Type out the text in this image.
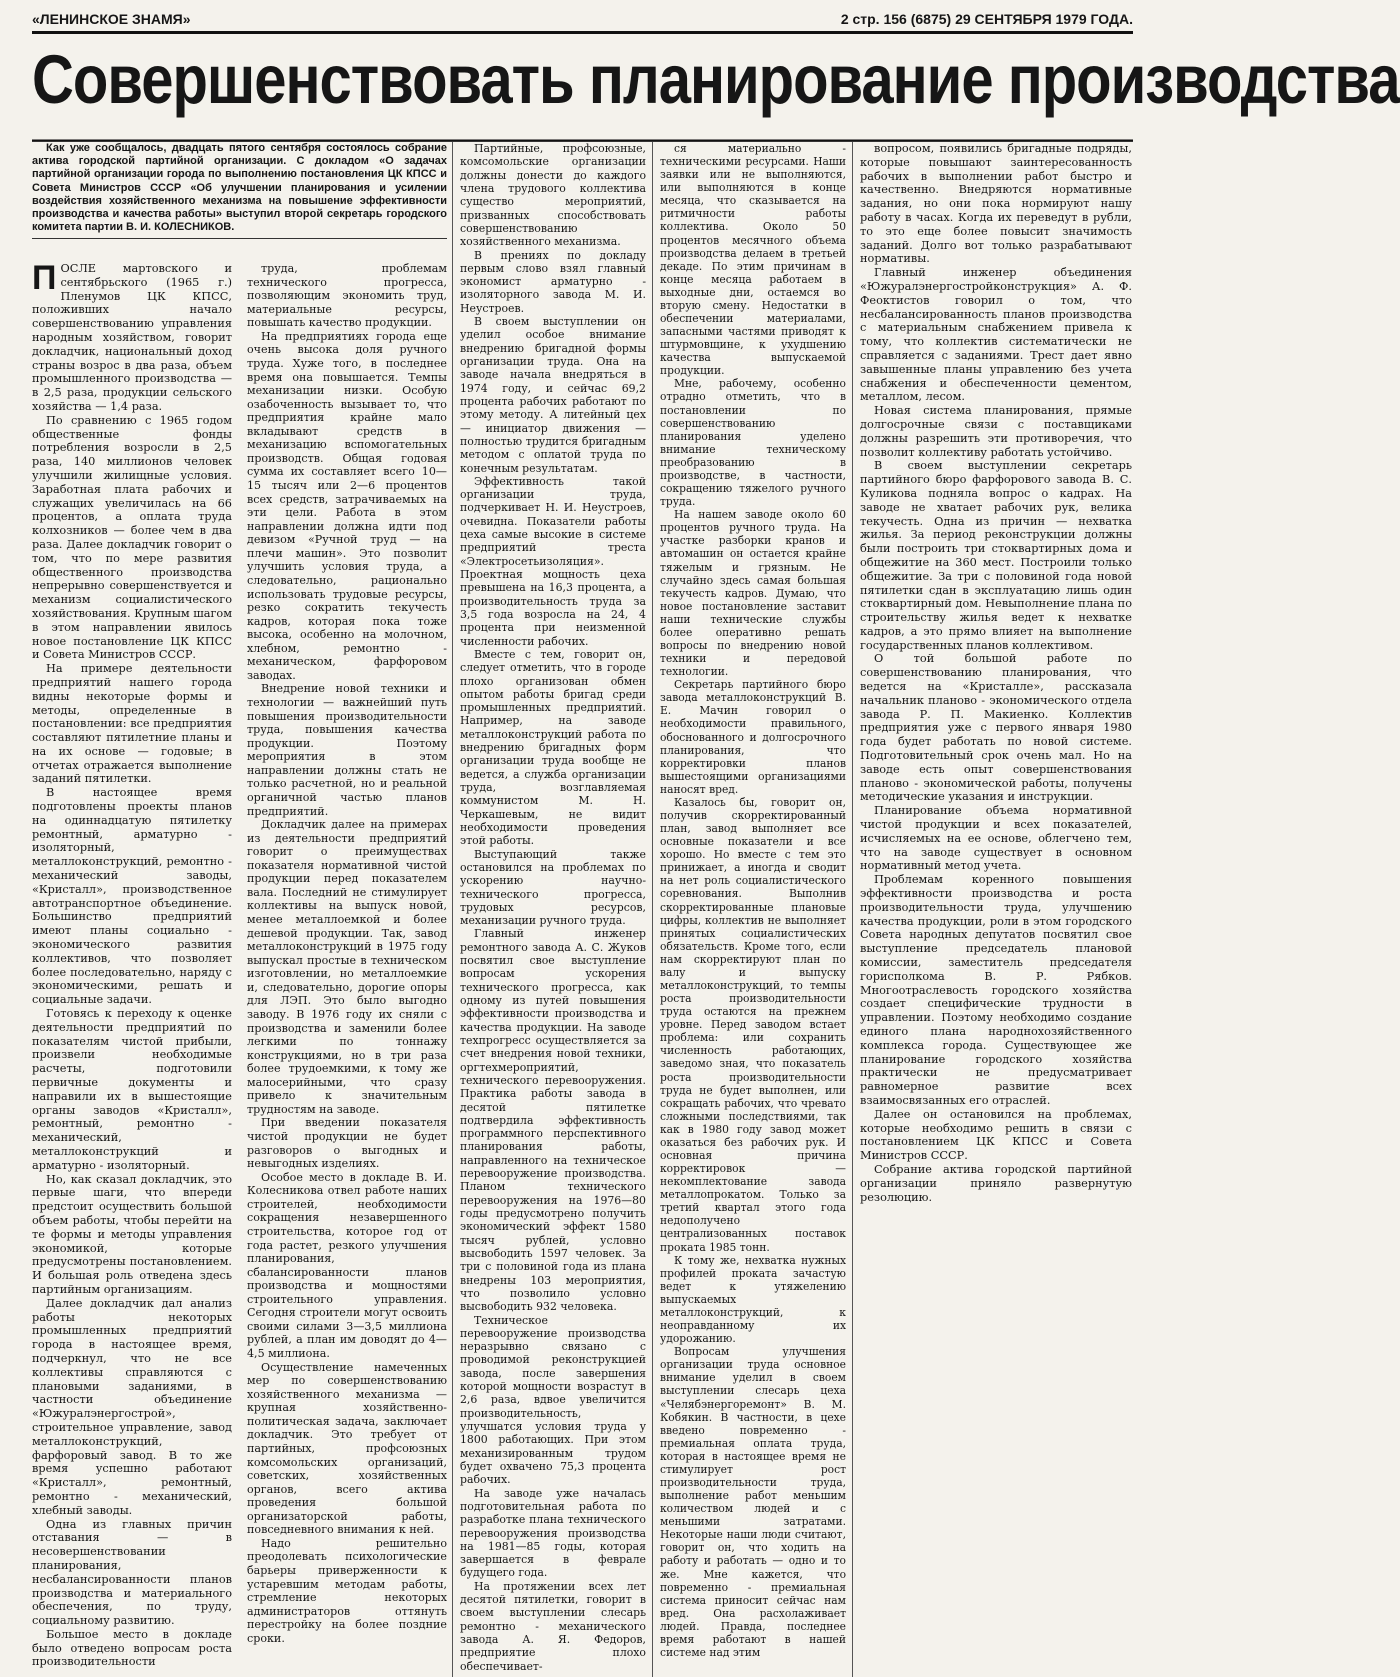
«ЛЕНИНСКОЕ ЗНАМЯ»	2 стр. 156 (6875) 29 СЕНТЯБРЯ 1979 ГОДА.
Совершенствовать планирование производства

Как уже сообщалось, двадцать пятого сентября состоялось собрание актива городской партийной организации. С докладом «О задачах партийной организации города по выполнению постановления ЦК КПСС и Совета Министров СССР «Об улучшении планирования и усилении воздействия хозяйственного механизма на повышение эффективности производства и качества работы» выступил второй секретарь городского комитета партии В. И. КОЛЕСНИКОВ.

ПОСЛЕ мартовского и сентябрьского (1965 г.) Пленумов ЦК КПСС, положивших начало совершенствованию управления народным хозяйством, говорит докладчик, национальный доход страны возрос в два раза, объем промышленного производства — в 2,5 раза, продукции сельского хозяйства — 1,4 раза.

По сравнению с 1965 годом общественные фонды потребления возросли в 2,5 раза, 140 миллионов человек улучшили жилищные условия. Заработная плата рабочих и служащих увеличилась на 66 процентов, а оплата труда колхозников — более чем в два раза. Далее докладчик говорит о том, что по мере развития общественного производства непрерывно совершенствуется и механизм социалистического хозяйствования. Крупным шагом в этом направлении явилось новое постановление ЦК КПСС и Совета Министров СССР.

На примере деятельности предприятий нашего города видны некоторые формы и методы, определенные в постановлении: все предприятия составляют пятилетние планы и на их основе — годовые; в отчетах отражается выполнение заданий пятилетки.

В настоящее время подготовлены проекты планов на одиннадцатую пятилетку ремонтный, арматурно - изоляторный, металлоконструкций, ремонтно - механический заводы, «Кристалл», производственное автотранспортное объединение. Большинство предприятий имеют планы социально - экономического развития коллективов, что позволяет более последовательно, наряду с экономическими, решать и социальные задачи.

Готовясь к переходу к оценке деятельности предприятий по показателям чистой прибыли, произвели необходимые расчеты, подготовили первичные документы и направили их в вышестоящие органы заводов «Кристалл», ремонтный, ремонтно - механический, металлоконструкций и арматурно - изоляторный.

Но, как сказал докладчик, это первые шаги, что впереди предстоит осуществить большой объем работы, чтобы перейти на те формы и методы управления экономикой, которые предусмотрены постановлением. И большая роль отведена здесь партийным организациям.

Далее докладчик дал анализ работы некоторых промышленных предприятий города в настоящее время, подчеркнул, что не все коллективы справляются с плановыми заданиями, в частности объединение «Южуралэнергострой», строительное управление, завод металлоконструкций, фарфоровый завод. В то же время успешно работают «Кристалл», ремонтный, ремонтно - механический, хлебный заводы.

Одна из главных причин отставания — в несовершенствовании планирования, несбалансированности планов производства и материального обеспечения, по труду, социальному развитию.

Большое место в докладе было отведено вопросам роста производительности

труда, проблемам технического прогресса, позволяющим экономить труд, материальные ресурсы, повышать качество продукции.

На предприятиях города еще очень высока доля ручного труда. Хуже того, в последнее время она повышается. Темпы механизации низки. Особую озабоченность вызывает то, что предприятия крайне мало вкладывают средств в механизацию вспомогательных производств. Общая годовая сумма их составляет всего 10—15 тысяч или 2—6 процентов всех средств, затрачиваемых на эти цели. Работа в этом направлении должна идти под девизом «Ручной труд — на плечи машин». Это позволит улучшить условия труда, а следовательно, рационально использовать трудовые ресурсы, резко сократить текучесть кадров, которая пока тоже высока, особенно на молочном, хлебном, ремонтно - механическом, фарфоровом заводах.

Внедрение новой техники и технологии — важнейший путь повышения производительности труда, повышения качества продукции. Поэтому мероприятия в этом направлении должны стать не только расчетной, но и реальной органичной частью планов предприятий.

Докладчик далее на примерах из деятельности предприятий говорит о преимуществах показателя нормативной чистой продукции перед показателем вала. Последний не стимулирует коллективы на выпуск новой, менее металлоемкой и более дешевой продукции. Так, завод металлоконструкций в 1975 году выпускал простые в техническом изготовлении, но металлоемкие и, следовательно, дорогие опоры для ЛЭП. Это было выгодно заводу. В 1976 году их сняли с производства и заменили более легкими по тоннажу конструкциями, но в три раза более трудоемкими, к тому же малосерийными, что сразу привело к значительным трудностям на заводе.

При введении показателя чистой продукции не будет разговоров о выгодных и невыгодных изделиях.

Особое место в докладе В. И. Колесникова отвел работе наших строителей, необходимости сокращения незавершенного строительства, которое год от года растет, резкого улучшения планирования, сбалансированности планов производства и мощностями строительного управления. Сегодня строители могут освоить своими силами 3—3,5 миллиона рублей, а план им доводят до 4—4,5 миллиона.

Осуществление намеченных мер по совершенствованию хозяйственного механизма — крупная хозяйственно-политическая задача, заключает докладчик. Это требует от партийных, профсоюзных комсомольских организаций, советских, хозяйственных органов, всего актива проведения большой организаторской работы, повседневного внимания к ней.

Надо решительно преодолевать психологические барьеры приверженности к устаревшим методам работы, стремление некоторых администраторов оттянуть перестройку на более поздние сроки.

Партийные, профсоюзные, комсомольские организации должны донести до каждого члена трудового коллектива существо мероприятий, призванных способствовать совершенствованию хозяйственного механизма.

В прениях по докладу первым слово взял главный экономист арматурно - изоляторного завода М. И. Неустроев.

В своем выступлении он уделил особое внимание внедрению бригадной формы организации труда. Она на заводе начала внедряться в 1974 году, и сейчас 69,2 процента рабочих работают по этому методу. А литейный цех — инициатор движения — полностью трудится бригадным методом с оплатой труда по конечным результатам.

Эффективность такой организации труда, подчеркивает Н. И. Неустроев, очевидна. Показатели работы цеха самые высокие в системе предприятий треста «Электросетьизоляция». Проектная мощность цеха превышена на 16,3 процента, а производительность труда за 3,5 года возросла на 24, 4 процента при неизменной численности рабочих.

Вместе с тем, говорит он, следует отметить, что в городе плохо организован обмен опытом работы бригад среди промышленных предприятий. Например, на заводе металлоконструкций работа по внедрению бригадных форм организации труда вообще не ведется, а служба организации труда, возглавляемая коммунистом М. Н. Черкашевым, не видит необходимости проведения этой работы.

Выступающий также остановился на проблемах по ускорению научно-технического прогресса, трудовых ресурсов, механизации ручного труда.

Главный инженер ремонтного завода А. С. Жуков посвятил свое выступление вопросам ускорения технического прогресса, как одному из путей повышения эффективности производства и качества продукции. На заводе техпрогресс осуществляется за счет внедрения новой техники, оргтехмероприятий, технического перевооружения. Практика работы завода в десятой пятилетке подтвердила эффективность программного перспективного планирования работы, направленного на техническое перевооружение производства. Планом технического перевооружения на 1976—80 годы предусмотрено получить экономический эффект 1580 тысяч рублей, условно высвободить 1597 человек. За три с половиной года из плана внедрены 103 мероприятия, что позволило условно высвободить 932 человека.

Техническое перевооружение производства неразрывно связано с проводимой реконструкцией завода, после завершения которой мощности возрастут в 2,6 раза, вдвое увеличится производительность, улучшатся условия труда у 1800 работающих. При этом механизированным трудом будет охвачено 75,3 процента рабочих.

На заводе уже началась подготовительная работа по разработке плана технического перевооружения производства на 1981—85 годы, которая завершается в феврале будущего года.

На протяжении всех лет десятой пятилетки, говорит в своем выступлении слесарь ремонтно - механического завода А. Я. Федоров, предприятие плохо обеспечивает-

ся материально - техническими ресурсами. Наши заявки или не выполняются, или выполняются в конце месяца, что сказывается на ритмичности работы коллектива. Около 50 процентов месячного объема производства делаем в третьей декаде. По этим причинам в конце месяца работаем в выходные дни, остаемся во вторую смену. Недостатки в обеспечении материалами, запасными частями приводят к штурмовщине, к ухудшению качества выпускаемой продукции.

Мне, рабочему, особенно отрадно отметить, что в постановлении по совершенствованию планирования уделено внимание техническому преобразованию в производстве, в частности, сокращению тяжелого ручного труда.

На нашем заводе около 60 процентов ручного труда. На участке разборки кранов и автомашин он остается крайне тяжелым и грязным. Не случайно здесь самая большая текучесть кадров. Думаю, что новое постановление заставит наши технические службы более оперативно решать вопросы по внедрению новой техники и передовой технологии.

Секретарь партийного бюро завода металлоконструкций В. Е. Мачин говорил о необходимости правильного, обоснованного и долгосрочного планирования, что корректировки планов вышестоящими организациями наносят вред.

Казалось бы, говорит он, получив скорректированный план, завод выполняет все основные показатели и все хорошо. Но вместе с тем это принижает, а иногда и сводит на нет роль социалистического соревнования. Выполнив скорректированные плановые цифры, коллектив не выполняет принятых социалистических обязательств. Кроме того, если нам скорректируют план по валу и выпуску металлоконструкций, то темпы роста производительности труда остаются на прежнем уровне. Перед заводом встает проблема: или сохранить численность работающих, заведомо зная, что показатель роста производительности труда не будет выполнен, или сокращать рабочих, что чревато сложными последствиями, так как в 1980 году завод может оказаться без рабочих рук. И основная причина корректировок — некомплектование завода металлопрокатом. Только за третий квартал этого года недополучено централизованных поставок проката 1985 тонн.

К тому же, нехватка нужных профилей проката зачастую ведет к утяжелению выпускаемых металлоконструкций, к неоправданному их удорожанию.

Вопросам улучшения организации труда основное внимание уделил в своем выступлении слесарь цеха «Челябэнергоремонт» В. М. Кобякин. В частности, в цехе введено повременно - премиальная оплата труда, которая в настоящее время не стимулирует рост производительности труда, выполнение работ меньшим количеством людей и с меньшими затратами. Некоторые наши люди считают, говорит он, что ходить на работу и работать — одно и то же. Мне кажется, что повременно - премиальная система приносит сейчас нам вред. Она расхолаживает людей. Правда, последнее время работают в нашей системе над этим

вопросом, появились бригадные подряды, которые повышают заинтересованность рабочих в выполнении работ быстро и качественно. Внедряются нормативные задания, но они пока нормируют нашу работу в часах. Когда их переведут в рубли, то это еще более повысит значимость заданий. Долго вот только разрабатывают нормативы.

Главный инженер объединения «Южуралэнергостройконструкция» А. Ф. Феоктистов говорил о том, что несбалансированность планов производства с материальным снабжением привела к тому, что коллектив систематически не справляется с заданиями. Трест дает явно завышенные планы управлению без учета снабжения и обеспеченности цементом, металлом, лесом.

Новая система планирования, прямые долгосрочные связи с поставщиками должны разрешить эти противоречия, что позволит коллективу работать устойчиво.

В своем выступлении секретарь партийного бюро фарфорового завода В. С. Куликова подняла вопрос о кадрах. На заводе не хватает рабочих рук, велика текучесть. Одна из причин — нехватка жилья. За период реконструкции должны были построить три стоквартирных дома и общежитие на 360 мест. Построили только общежитие. За три с половиной года новой пятилетки сдан в эксплуатацию лишь один стоквартирный дом. Невыполнение плана по строительству жилья ведет к нехватке кадров, а это прямо влияет на выполнение государственных планов коллективом.

О той большой работе по совершенствованию планирования, что ведется на «Кристалле», рассказала начальник планово - экономического отдела завода Р. П. Макиенко. Коллектив предприятия уже с первого января 1980 года будет работать по новой системе. Подготовительный срок очень мал. Но на заводе есть опыт совершенствования планово - экономической работы, получены методические указания и инструкции.

Планирование объема нормативной чистой продукции и всех показателей, исчисляемых на ее основе, облегчено тем, что на заводе существует в основном нормативный метод учета.

Проблемам коренного повышения эффективности производства и роста производительности труда, улучшению качества продукции, роли в этом городского Совета народных депутатов посвятил свое выступление председатель плановой комиссии, заместитель председателя горисполкома В. Р. Рябков. Многоотраслевость городского хозяйства создает специфические трудности в управлении. Поэтому необходимо создание единого плана народнохозяйственного комплекса города. Существующее же планирование городского хозяйства практически не предусматривает равномерное развитие всех взаимосвязанных его отраслей.

Далее он остановился на проблемах, которые необходимо решить в связи с постановлением ЦК КПСС и Совета Министров СССР.

Собрание актива городской партийной организации приняло развернутую резолюцию.
